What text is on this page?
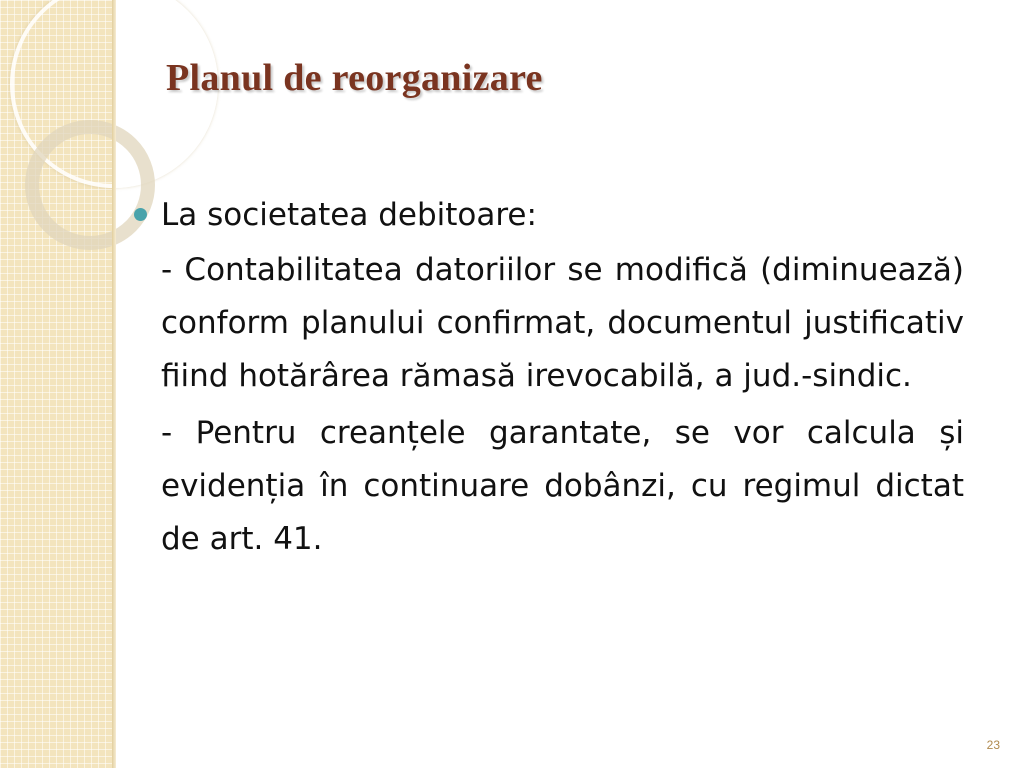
Planul de reorganizare

La societatea debitoare:

- Contabilitatea datoriilor se modifică (diminuează) conform planului confirmat, documentul justificativ fiind hotărârea rămasă irevocabilă, a jud.-sindic.

- Pentru creanțele garantate, se vor calcula și evidenția în continuare dobânzi, cu regimul dictat de art. 41.

23
